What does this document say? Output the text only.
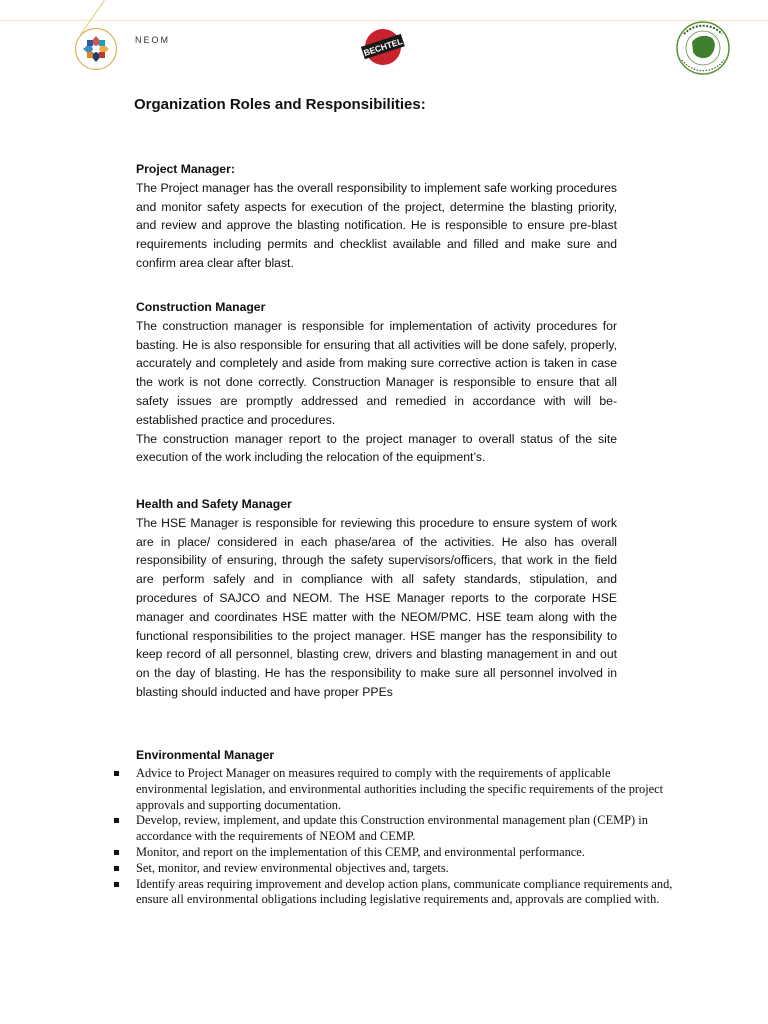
NEOM	BECHTEL
Organization Roles and Responsibilities:
Project Manager:

The Project manager has the overall responsibility to implement safe working procedures and monitor safety aspects for execution of the project, determine the blasting priority, and review and approve the blasting notification. He is responsible to ensure pre-blast requirements including permits and checklist available and filled and make sure and confirm area clear after blast.

Construction Manager

The construction manager is responsible for implementation of activity procedures for basting. He is also responsible for ensuring that all activities will be done safely, properly, accurately and completely and aside from making sure corrective action is taken in case the work is not done correctly. Construction Manager is responsible to ensure that all safety issues are promptly addressed and remedied in accordance with will be- established practice and procedures.

The construction manager report to the project manager to overall status of the site execution of the work including the relocation of the equipment’s.

Health and Safety Manager

The HSE Manager is responsible for reviewing this procedure to ensure system of work are in place/ considered in each phase/area of the activities. He also has overall responsibility of ensuring, through the safety supervisors/officers, that work in the field are perform safely and in compliance with all safety standards, stipulation, and procedures of SAJCO and NEOM. The HSE Manager reports to the corporate HSE manager and coordinates HSE matter with the NEOM/PMC. HSE team along with the functional responsibilities to the project manager. HSE manger has the responsibility to keep record of all personnel, blasting crew, drivers and blasting management in and out on the day of blasting. He has the responsibility to make sure all personnel involved in blasting should inducted and have proper PPEs

Environmental Manager
Advice to Project Manager on measures required to comply with the requirements of applicable environmental legislation, and environmental authorities including the specific requirements of the project approvals and supporting documentation.
Develop, review, implement, and update this Construction environmental management plan (CEMP) in accordance with the requirements of NEOM and CEMP.
Monitor, and report on the implementation of this CEMP, and environmental performance.
Set, monitor, and review environmental objectives and, targets.
Identify areas requiring improvement and develop action plans, communicate compliance requirements and, ensure all environmental obligations including legislative requirements and, approvals are complied with.
